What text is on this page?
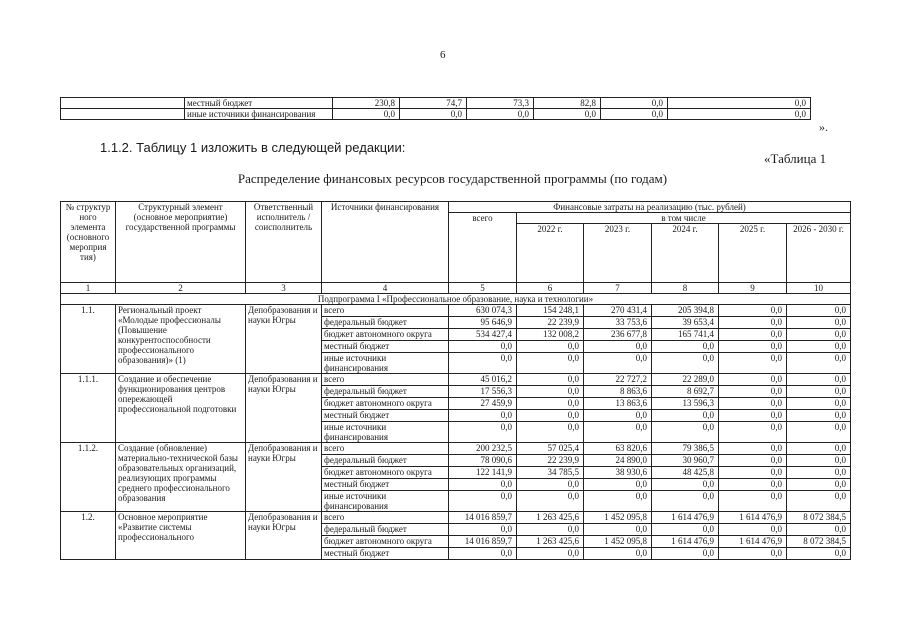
6
	местный бюджет	230,8	74,7	73,3	82,8	0,0	0,0
	иные источники финансирования	0,0	0,0	0,0	0,0	0,0	0,0
».
1.1.2. Таблицу 1 изложить в следующей редакции:
«Таблица 1
Распределение финансовых ресурсов государственной программы (по годам)
№ структур ного элемента (основного мероприя тия)	Структурный элемент (основное мероприятие) государственной программы	Ответственный исполнитель / соисполнитель	Источники финансирования	Финансовые затраты на реализацию (тыс. рублей)					
				всего	в том числе				
					2022 г.	2023 г.	2024 г.	2025 г.	2026 - 2030 г.
1	2	3	4	5	6	7	8	9	10
Подпрограмма I «Профессиональное образование, наука и технологии»									
1.1.	Региональный проект «Молодые профессионалы (Повышение конкурентоспособности профессионального образования)» (1)	Депобразования и науки Югры	всего	630 074,3	154 248,1	270 431,4	205 394,8	0,0	0,0
			федеральный бюджет	95 646,9	22 239,9	33 753,6	39 653,4	0,0	0,0
			бюджет автономного округа	534 427,4	132 008,2	236 677,8	165 741,4	0,0	0,0
			местный бюджет	0,0	0,0	0,0	0,0	0,0	0,0
			иные источники финансирования	0,0	0,0	0,0	0,0	0,0	0,0
1.1.1.	Создание и обеспечение функционирования центров опережающей профессиональной подготовки	Депобразования и науки Югры	всего	45 016,2	0,0	22 727,2	22 289,0	0,0	0,0
			федеральный бюджет	17 556,3	0,0	8 863,6	8 692,7	0,0	0,0
			бюджет автономного округа	27 459,9	0,0	13 863,6	13 596,3	0,0	0,0
			местный бюджет	0,0	0,0	0,0	0,0	0,0	0,0
			иные источники финансирования	0,0	0,0	0,0	0,0	0,0	0,0
1.1.2.	Создание (обновление) материально-технической базы образовательных организаций, реализующих программы среднего профессионального образования	Депобразования и науки Югры	всего	200 232,5	57 025,4	63 820,6	79 386,5	0,0	0,0
			федеральный бюджет	78 090,6	22 239,9	24 890,0	30 960,7	0,0	0,0
			бюджет автономного округа	122 141,9	34 785,5	38 930,6	48 425,8	0,0	0,0
			местный бюджет	0,0	0,0	0,0	0,0	0,0	0,0
			иные источники финансирования	0,0	0,0	0,0	0,0	0,0	0,0
1.2.	Основное мероприятие «Развитие системы профессионального	Депобразования и науки Югры	всего	14 016 859,7	1 263 425,6	1 452 095,8	1 614 476,9	1 614 476,9	8 072 384,5
			федеральный бюджет	0,0	0,0	0,0	0,0	0,0	0,0
			бюджет автономного округа	14 016 859,7	1 263 425,6	1 452 095,8	1 614 476,9	1 614 476,9	8 072 384,5
			местный бюджет	0,0	0,0	0,0	0,0	0,0	0,0
